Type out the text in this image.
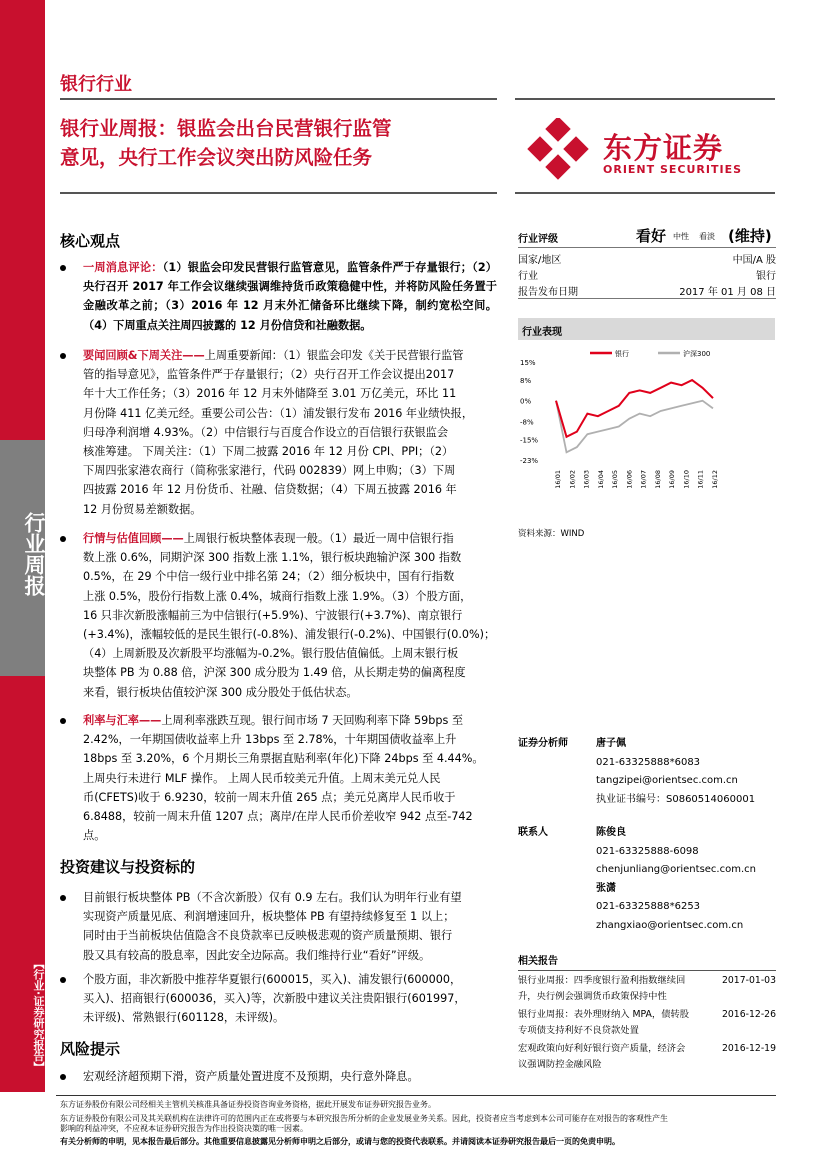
行业周报
【行业·证券研究报告】
银行行业
银行业周报：银监会出台民营银行监管
意见，央行工作会议突出防风险任务	东方证券
ORIENT SECURITIES
核心观点
一周消息评论：（1）银监会印发民营银行监管意见，监管条件严于存量银行；（2）央行召开 2017 年工作会议继续强调维持货币政策稳健中性，并将防风险任务置于金融改革之前；（3）2016 年 12 月末外汇储备环比继续下降，制约宽松空间。（4）下周重点关注周四披露的 12 月份信贷和社融数据。
要闻回顾&下周关注——上周重要新闻：（1）银监会印发《关于民营银行监管
管的指导意见》，监管条件严于存量银行；（2）央行召开工作会议提出2017
年十大工作任务；（3）2016 年 12 月末外储降至 3.01 万亿美元，环比 11
月份降 411 亿美元经。重要公司公告：（1）浦发银行发布 2016 年业绩快报，
归母净利润增 4.93%。（2）中信银行与百度合作设立的百信银行获银监会
核准筹建。 下周关注：（1）下周二披露 2016 年 12 月份 CPI、PPI；（2）
下周四张家港农商行（简称张家港行，代码 002839）网上申购；（3）下周
四披露 2016 年 12 月份货币、社融、信贷数据；（4）下周五披露 2016 年
12 月份贸易差额数据。
行情与估值回顾——上周银行板块整体表现一般。（1）最近一周中信银行指
数上涨 0.6%，同期沪深 300 指数上涨 1.1%，银行板块跑输沪深 300 指数
0.5%，在 29 个中信一级行业中排名第 24；（2）细分板块中，国有行指数
上涨 0.5%，股份行指数上涨 0.4%，城商行指数上涨 1.9%。（3）个股方面，
16 只非次新股涨幅前三为中信银行(+5.9%)、宁波银行(+3.7%)、南京银行
(+3.4%)，涨幅较低的是民生银行(-0.8%)、浦发银行(-0.2%)、中国银行(0.0%)；
（4）上周新股及次新股平均涨幅为-0.2%。银行股估值偏低。上周末银行板
块整体 PB 为 0.88 倍，沪深 300 成分股为 1.49 倍，从长期走势的偏离程度
来看，银行板块估值较沪深 300 成分股处于低估状态。
利率与汇率——上周利率涨跌互现。银行间市场 7 天回购利率下降 59bps 至
2.42%，一年期国债收益率上升 13bps 至 2.78%，十年期国债收益率上升
18bps 至 3.20%，6 个月期长三角票据直贴利率(年化)下降 24bps 至 4.44%。
上周央行未进行 MLF 操作。 上周人民币较美元升值。上周末美元兑人民
币(CFETS)收于 6.9230，较前一周末升值 265 点；美元兑离岸人民币收于
6.8488，较前一周末升值 1207 点；离岸/在岸人民币价差收窄 942 点至-742
点。
投资建议与投资标的
目前银行板块整体 PB（不含次新股）仅有 0.9 左右。我们认为明年行业有望
实现资产质量见底、利润增速回升，板块整体 PB 有望持续修复至 1 以上；
同时由于当前板块估值隐含不良贷款率已反映极悲观的资产质量预期、银行
股又具有较高的股息率，因此安全边际高。我们维持行业“看好”评级。
个股方面，非次新股中推荐华夏银行(600015，买入)、浦发银行(600000，
买入)、招商银行(600036，买入)等，次新股中建议关注贵阳银行(601997，
未评级)、常熟银行(601128，未评级)。
风险提示
宏观经济超预期下滑，资产质量处置进度不及预期，央行意外降息。
行业评级	看好 中性 看淡 (维持)
国家/地区	中国/A 股
行业	银行
报告发布日期	2017 年 01 月 08 日
行业表现
银行	沪深300
15%
8%
0%
-8%
-15%
-23%
16/01 16/02 16/03 16/04 16/05 16/06 16/07 16/08 16/09 16/10 16/11 16/12
资料来源：WIND
证券分析师	唐子佩
021-63325888*6083
tangzipei@orientsec.com.cn
执业证书编号：S0860514060001
联系人	陈俊良
021-63325888-6098
chenjunliang@orientsec.com.cn
张潇
021-63325888*6253
zhangxiao@orientsec.com.cn
相关报告
银行业周报：四季度银行盈利指数继续回
升，央行例会强调货币政策保持中性
2017-01-03
银行业周报：表外理财纳入 MPA，债转股
专项债支持利好不良贷款处置
2016-12-26
宏观政策向好利好银行资产质量，经济会
议强调防控金融风险
2016-12-19
东方证券股份有限公司经相关主管机关核准具备证券投资咨询业务资格，据此开展发布证券研究报告业务。
东方证券股份有限公司及其关联机构在法律许可的范围内正在或将要与本研究报告所分析的企业发展业务关系。因此，投资者应当考虑到本公司可能存在对报告的客观性产生
影响的利益冲突，不应视本证券研究报告为作出投资决策的唯一因素。
有关分析师的申明，见本报告最后部分。其他重要信息披露见分析师申明之后部分，或请与您的投资代表联系。并请阅读本证券研究报告最后一页的免责申明。
